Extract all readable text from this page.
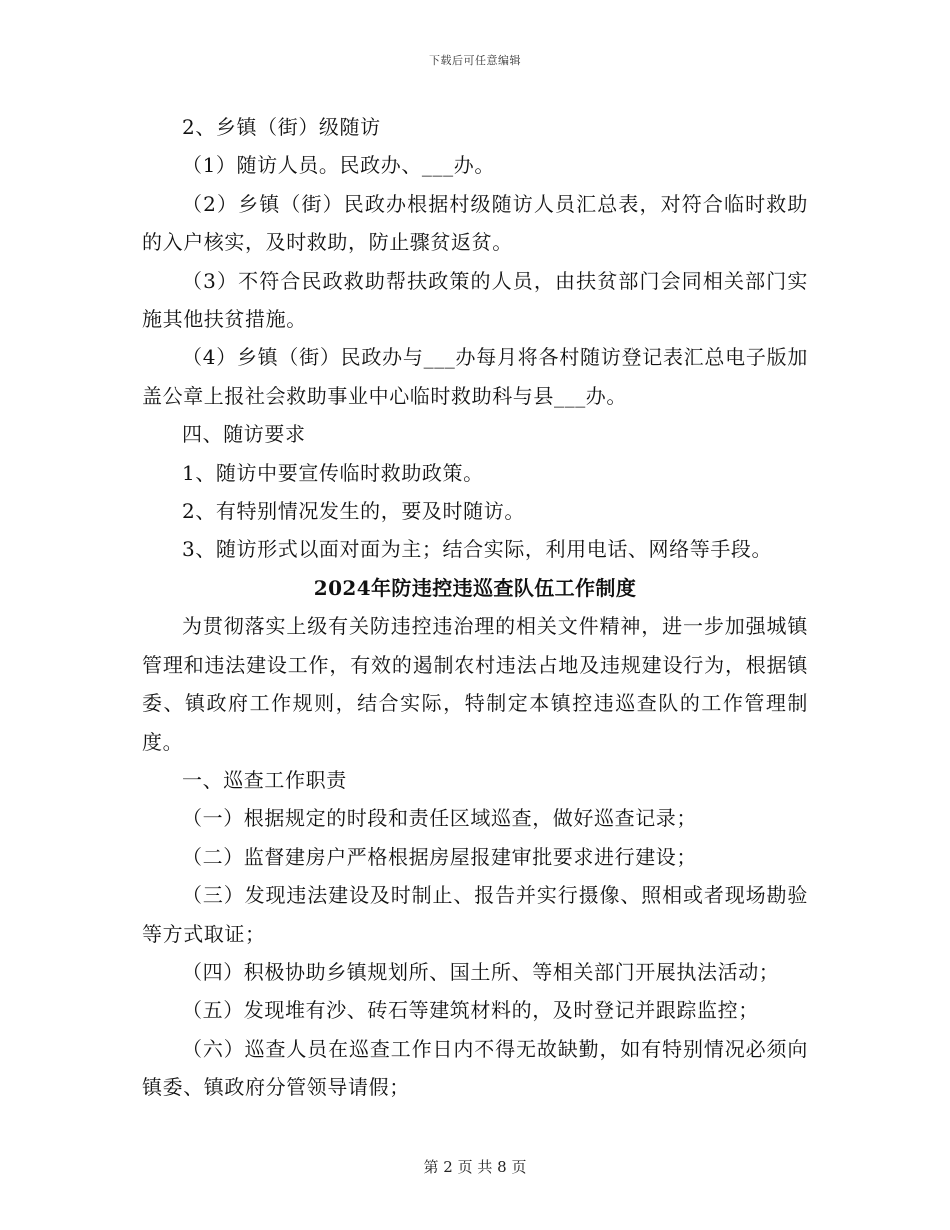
下载后可任意编辑

2、乡镇（街）级随访

（1）随访人员。民政办、___办。

（2）乡镇（街）民政办根据村级随访人员汇总表，对符合临时救助的入户核实，及时救助，防止骤贫返贫。

（3）不符合民政救助帮扶政策的人员，由扶贫部门会同相关部门实施其他扶贫措施。

（4）乡镇（街）民政办与___办每月将各村随访登记表汇总电子版加盖公章上报社会救助事业中心临时救助科与县___办。

四、随访要求

1、随访中要宣传临时救助政策。

2、有特别情况发生的，要及时随访。

3、随访形式以面对面为主；结合实际，利用电话、网络等手段。

2024年防违控违巡查队伍工作制度

为贯彻落实上级有关防违控违治理的相关文件精神，进一步加强城镇管理和违法建设工作，有效的遏制农村违法占地及违规建设行为，根据镇委、镇政府工作规则，结合实际，特制定本镇控违巡查队的工作管理制度。

一、巡查工作职责

（一）根据规定的时段和责任区域巡查，做好巡查记录；

（二）监督建房户严格根据房屋报建审批要求进行建设；

（三）发现违法建设及时制止、报告并实行摄像、照相或者现场勘验等方式取证；

（四）积极协助乡镇规划所、国土所、等相关部门开展执法活动；

（五）发现堆有沙、砖石等建筑材料的，及时登记并跟踪监控；

（六）巡查人员在巡查工作日内不得无故缺勤，如有特别情况必须向镇委、镇政府分管领导请假；

第 2 页 共 8 页
